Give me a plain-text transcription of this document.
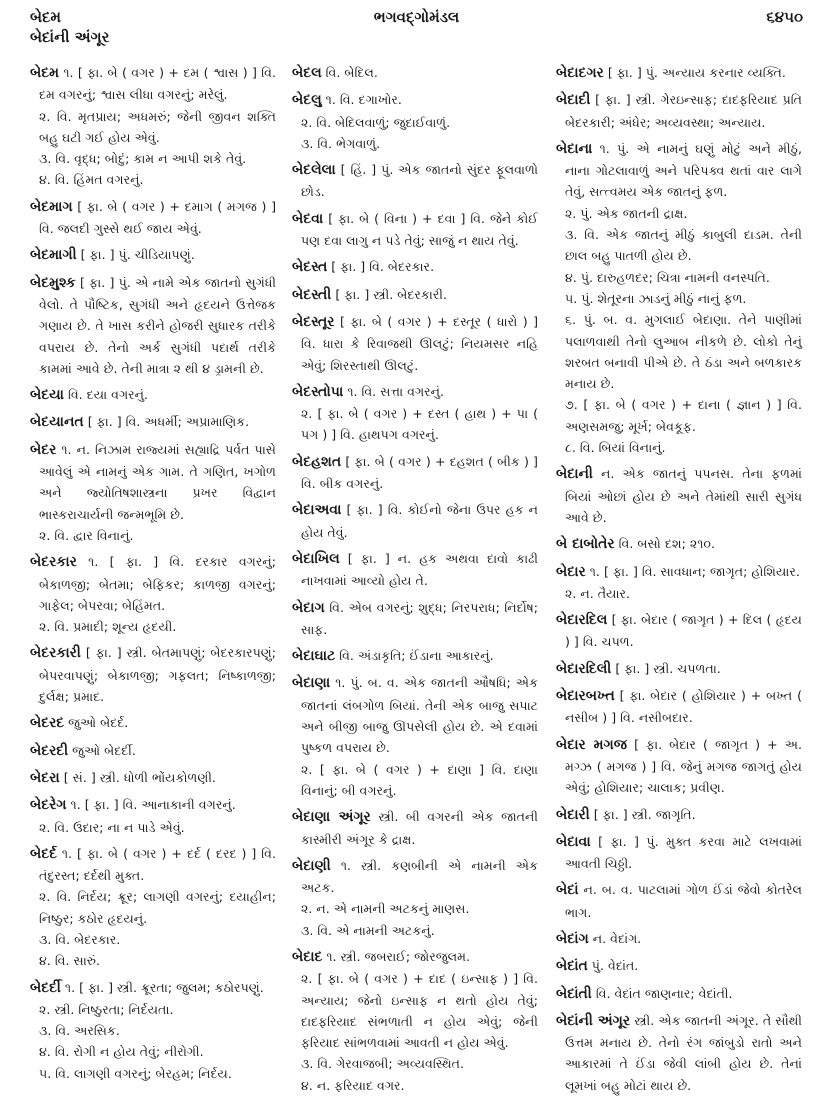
બેદમ
બેદાંની અંગૂર
ભગવદ્ગોમંડલ	૬૪૫૦
બેદમ ૧. [ ફા. બે ( વગર ) + દમ ( શ્વાસ ) ] વિ. દમ વગરનું; શ્વાસ લીધા વગરનું; મરેલું.
૨. વિ. મૃતપ્રાય; અધમરું; જેની જીવન શક્તિ બહુ ઘટી ગઈ હોય એવું.
૩. વિ. વૃદ્ધ; બોદું; કામ ન આપી શકે તેવું.
૪. વિ. હિંમત વગરનું.
બેદમાગ [ ફા. બે ( વગર ) + દમાગ ( મગજ ) ] વિ. જલદી ગુસ્સે થઈ જાય એવું.
બેદમાગી [ ફા. ] પું. ચીડિયાપણું.
બેદમુશ્ક [ ફા. ] પું. એ નામે એક જાતનો સુગંધી વેલો. તે પૌષ્ટિક, સુગંધી અને હૃદયને ઉત્તેજક ગણાય છે. તે ખાસ કરીને હોજરી સુધારક તરીકે વપરાય છે. તેનો અર્ક સુગંધી પદાર્થ તરીકે કામમાં આવે છે. તેની માત્રા ૨ થી ૪ ડ્રામની છે.
બેદયા વિ. દયા વગરનું.
બેદયાનત [ ફા. ] વિ. અધર્મી; અપ્રામાણિક.
બેદર ૧. ન. નિઝામ રાજ્યમાં સહ્યાદ્રિ પર્વત પાસે આવેલું એ નામનું એક ગામ. તે ગણિત, ખગોળ અને જ્યોતિષશાસ્ત્રના પ્રખર વિદ્વાન ભાસ્કરાચાર્યની જન્મભૂમિ છે.
૨. વિ. દ્વાર વિનાનું.
બેદરકાર ૧. [ ફા. ] વિ. દરકાર વગરનું; બેકાળજી; બેતમા; બેફિકર; કાળજી વગરનું; ગાફેલ; બેપરવા; બેહિંમત.
૨. વિ. પ્રમાદી; શૂન્ય હૃદયી.
બેદરકારી [ ફા. ] સ્ત્રી. બેતમાપણું; બેદરકારપણું; બેપરવાપણું; બેકાળજી; ગફલત; નિષ્કાળજી; દુર્લક્ષ; પ્રમાદ.
બેદરદ જુઓ બેદર્દ.
બેદરદી જુઓ બેદર્દી.
બેદરા [ સં. ] સ્ત્રી. ધોળી ભોંયકોળણી.
બેદરેગ ૧. [ ફા. ] વિ. આનાકાની વગરનું.
૨. વિ. ઉદાર; ના ન પાડે એવું.
બેદર્દ ૧. [ ફા. બે ( વગર ) + દર્દ ( દરદ ) ] વિ. તંદુરસ્ત; દર્દથી મુક્ત.
૨. વિ. નિર્દય; ક્રૂર; લાગણી વગરનું; દયાહીન; નિષ્ઠુર; કઠોર હૃદયનું.
૩. વિ. બેદરકાર.
૪. વિ. સારું.
બેદર્દી ૧. [ ફા. ] સ્ત્રી. ક્રૂરતા; જુલમ; કઠોરપણું.
૨. સ્ત્રી. નિષ્ઠુરતા; નિર્દયતા.
૩. વિ. અરસિક.
૪. વિ. રોગી ન હોય તેવું; નીરોગી.
૫. વિ. લાગણી વગરનું; બેરહમ; નિર્દય.
બેદલ વિ. બેદિલ.
બેદલુ ૧. વિ. દગાખોર.
૨. વિ. બેદિલવાળું; જુદાઈવાળું.
૩. વિ. ભેગવાળું.
બેદલેલા [ હિં. ] પું. એક જાતનો સુંદર ફૂલવાળો છોડ.
બેદવા [ ફા. બે ( વિના ) + દવા ] વિ. જેને કોઈ પણ દવા લાગુ ન પડે તેવું; સાજું ન થાય તેવું.
બેદસ્ત [ ફા. ] વિ. બેદરકાર.
બેદસ્તી [ ફા. ] સ્ત્રી. બેદરકારી.
બેદસ્તૂર [ ફા. બે ( વગર ) + દસ્તૂર ( ધારો ) ] વિ. ધારા કે રિવાજથી ઊલટું; નિયમસર નહિ એવું; શિરસ્તાથી ઊલટું.
બેદસ્તોપા ૧. વિ. સત્તા વગરનું.
૨. [ ફા. બે ( વગર ) + દસ્ત ( હાથ ) + પા ( પગ ) ] વિ. હાથપગ વગરનું.
બેદહશત [ ફા. બે ( વગર ) + દહશત ( બીક ) ] વિ. બીક વગરનું.
બેદાઅવા [ ફા. ] વિ. કોઈનો જેના ઉપર હક ન હોય તેવું.
બેદાખિલ [ ફા. ] ન. હક અથવા દાવો કાઢી નાખવામાં આવ્યો હોય તે.
બેદાગ વિ. એબ વગરનું; શુદ્ધ; નિરપરાધ; નિર્દોષ; સાફ.
બેદાઘાટ વિ. અંડાકૃતિ; ઈંડાના આકારનું.
બેદાણા ૧. પું. બ. વ. એક જાતની ઔષધિ; એક જાતનાં લંબગોળ બિયાં. તેની એક બાજુ સપાટ અને બીજી બાજુ ઊપસેલી હોય છે. એ દવામાં પુષ્કળ વપરાય છે.
૨. [ ફા. બે ( વગર ) + દાણા ] વિ. દાણા વિનાનું; બી વગરનું.
બેદાણા અંગૂર સ્ત્રી. બી વગરની એક જાતની કાસ્મીરી અંગૂર કે દ્રાક્ષ.
બેદાણી ૧. સ્ત્રી. કણબીની એ નામની એક અટક.
૨. ન. એ નામની અટકનું માણસ.
૩. વિ. એ નામની અટકનું.
બેદાદ ૧. સ્ત્રી. જબરાઈ; જોરજુલમ.
૨. [ ફા. બે ( વગર ) + દાદ ( ઇન્સાફ ) ] વિ. અન્યાય; જેનો ઇન્સાફ ન થતો હોય તેવું; દાદફરિયાદ સંભળાતી ન હોય એવું; જેની ફરિયાદ સાંભળવામાં આવતી ન હોય એવું.
૩. વિ. ગેરવાજબી; અવ્યવસ્થિત.
૪. ન. ફરિયાદ વગર.
બેદાદગર [ ફા. ] પું. અન્યાય કરનાર વ્યક્તિ.
બેદાદી [ ફા. ] સ્ત્રી. ગેરઇન્સાફ; દાદફરિયાદ પ્રતિ બેદરકારી; અંધેર; અવ્યવસ્થા; અન્યાય.
બેદાના ૧. પું. એ નામનું ઘણું મોટું અને મીઠું, નાના ગોટલાવાળું અને પરિપક્વ થતાં વાર લાગે તેવું, સત્ત્વમય એક જાતનું ફળ.
૨. પું. એક જાતની દ્રાક્ષ.
૩. વિ. એક જાતનું મીઠું કાબુલી દાડમ. તેની છાલ બહુ પાતળી હોય છે.
૪. પું. દારુહળદર; ચિત્રા નામની વનસ્પતિ.
૫. પું. શેતૂરના ઝાડનું મીઠું નાનું ફળ.
૬. પું. બ. વ. મુગલાઈ બેદાણા. તેને પાણીમાં પલાળવાથી તેનો લુઆબ નીકળે છે. લોકો તેનું શરબત બનાવી પીએ છે. તે ઠંડા અને બળકારક મનાય છે.
૭. [ ફા. બે ( વગર ) + દાના ( જ્ઞાન ) ] વિ. અણસમજુ; મૂર્ખ; બેવકૂફ.
૮. વિ. બિયાં વિનાનું.
બેદાની ન. એક જાતનું પપનસ. તેના ફળમાં બિયાં ઓછાં હોય છે અને તેમાંથી સારી સુગંધ આવે છે.
બે દાબોતેર વિ. બસો દશ; ૨૧૦.
બેદાર ૧. [ ફા. ] વિ. સાવધાન; જાગૃત; હોશિયાર.
૨. ન. તૈયાર.
બેદારદિલ [ ફા. બેદાર ( જાગૃત ) + દિલ ( હૃદય ) ] વિ. ચપળ.
બેદારદિલી [ ફા. ] સ્ત્રી. ચપળતા.
બેદારબખ્ત [ ફા. બેદાર ( હોશિયાર ) + બખ્ત ( નસીબ ) ] વિ. નસીબદાર.
બેદાર મગજ [ ફા. બેદાર ( જાગૃત ) + અ. મગ્ઝ ( મગજ ) ] વિ. જેનું મગજ જાગતું હોય એવું; હોશિયાર; ચાલાક; પ્રવીણ.
બેદારી [ ફા. ] સ્ત્રી. જાગૃતિ.
બેદાવા [ ફા. ] પું. મુક્ત કરવા માટે લખવામાં આવતી ચિઠ્ઠી.
બેદાં ન. બ. વ. પાટલામાં ગોળ ઈંડાં જેવો કોતરેલ ભાગ.
બેદાંગ ન. વેદાંગ.
બેદાંત પું. વેદાંત.
બેદાંતી વિ. વેદાંત જાણનાર; વેદાંતી.
બેદાંની અંગૂર સ્ત્રી. એક જાતની અંગૂર. તે સૌથી ઉત્તમ મનાય છે. તેનો રંગ જાંબુડો રાતો અને આકારમાં તે ઈંડા જેવી લાંબી હોય છે. તેનાં લૂમખાં બહુ મોટાં થાય છે.
